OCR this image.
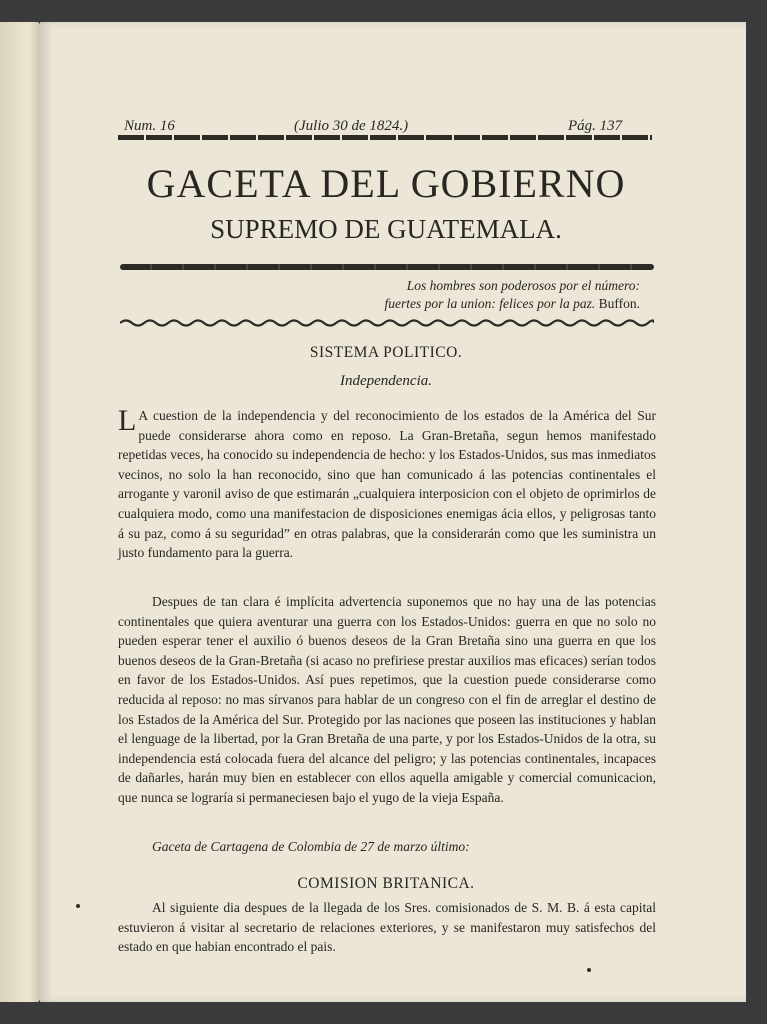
Num. 16	(Julio 30 de 1824.)	Pág. 137
GACETA DEL GOBIERNO
SUPREMO DE GUATEMALA.
Los hombres son poderosos por el número:
fuertes por la union: felices por la paz. Buffon.
SISTEMA POLITICO.
Independencia.

L A cuestion de la independencia y del reconocimiento de los estados de la América del Sur puede considerarse ahora como en reposo. La Gran-Bretaña, segun hemos manifestado repetidas veces, ha conocido su independencia de hecho: y los Estados-Unidos, sus mas inmediatos vecinos, no solo la han reconocido, sino que han comunicado á las potencias continentales el arrogante y varonil aviso de que estimarán „cualquiera interposicion con el objeto de oprimirlos de cualquiera modo, como una manifestacion de disposiciones enemigas ácia ellos, y peligrosas tanto á su paz, como á su seguridad” en otras palabras, que la considerarán como que les suministra un justo fundamento para la guerra.

Despues de tan clara é implícita advertencia suponemos que no hay una de las potencias continentales que quiera aventurar una guerra con los Estados-Unidos: guerra en que no solo no pueden esperar tener el auxilio ó buenos deseos de la Gran Bretaña sino una guerra en que los buenos deseos de la Gran-Bretaña (si acaso no prefiriese prestar auxilios mas eficaces) serían todos en favor de los Estados-Unidos. Así pues repetimos, que la cuestion puede considerarse como reducida al reposo: no mas sírvanos para hablar de un congreso con el fin de arreglar el destino de los Estados de la América del Sur. Protegido por las naciones que poseen las instituciones y hablan el lenguage de la libertad, por la Gran Bretaña de una parte, y por los Estados-Unidos de la otra, su independencia está colocada fuera del alcance del peligro; y las potencias continentales, incapaces de dañarles, harán muy bien en establecer con ellos aquella amigable y comercial comunicacion, que nunca se lograría si permaneciesen bajo el yugo de la vieja España.

Gaceta de Cartagena de Colombia de 27 de marzo último:

COMISION BRITANICA.

Al siguiente dia despues de la llegada de los Sres. comisionados de S. M. B. á esta capital estuvieron á visitar al secretario de relaciones exteriores, y se manifestaron muy satisfechos del estado en que habian encontrado el pais.
